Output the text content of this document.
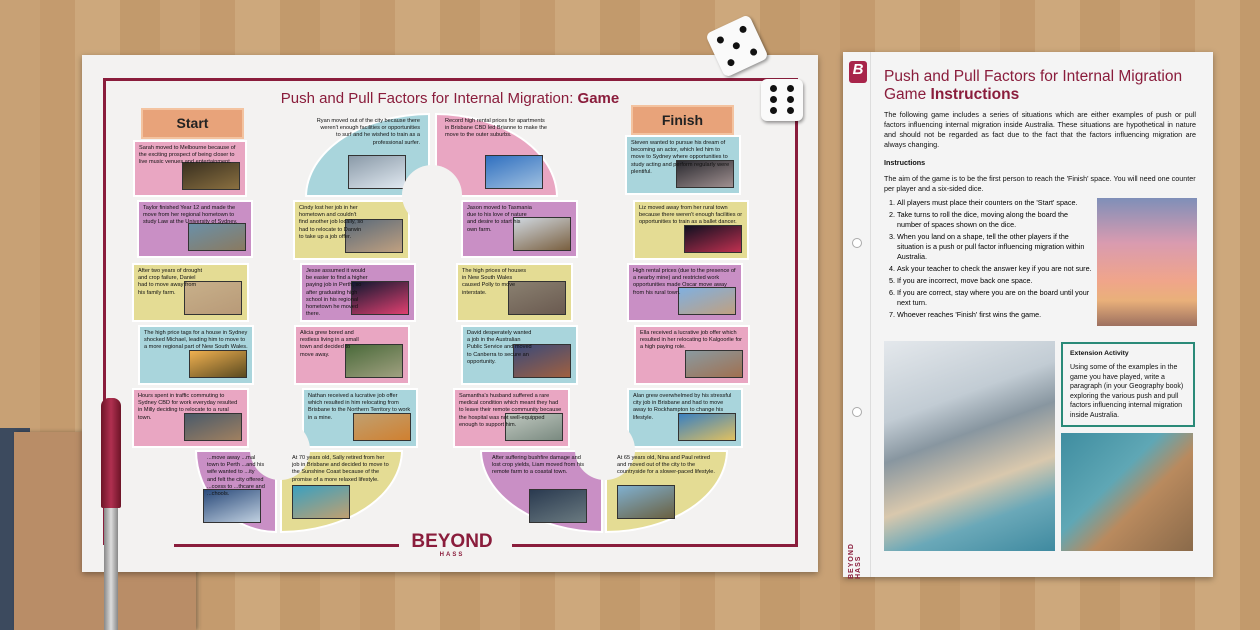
Push and Pull Factors for Internal Migration: Game
Start	Finish
Sarah moved to Melbourne because of the exciting prospect of being closer to live music venues and entertainment.
Taylor finished Year 12 and made the move from her regional hometown to study Law at the University of Sydney.
After two years of drought and crop failure, Daniel had to move away from his family farm.
The high price tags for a house in Sydney shocked Michael, leading him to move to a more regional part of New South Wales.
Hours spent in traffic commuting to Sydney CBD for work everyday resulted in Milly deciding to relocate to a rural town.
...move away ...mal town to Perth ...and his wife wanted to ...ity and felt the city offered ...ccess to ...thcare and ...chools.
At 70 years old, Sally retired from her job in Brisbane and decided to move to the Sunshine Coast because of the promise of a more relaxed lifestyle.
Nathan received a lucrative job offer which resulted in him relocating from Brisbane to the Northern Territory to work in a mine.
Alicia grew bored and restless living in a small town and decided to move away.
Jesse assumed it would be easier to find a higher paying job in Perth, so after graduating high school in his regional hometown he moved there.
Cindy lost her job in her hometown and couldn't find another job locally, so had to relocate to Darwin to take up a job offer.
Ryan moved out of the city because there weren't enough facilities or opportunities to surf and he wished to train as a professional surfer.
Record high rental prices for apartments in Brisbane CBD led Brianne to make the move to the outer suburbs.
Jason moved to Tasmania due to his love of nature and desire to start his own farm.
The high prices of houses in New South Wales caused Polly to move interstate.
David desperately wanted a job in the Australian Public Service and moved to Canberra to secure an opportunity.
Samantha's husband suffered a rare medical condition which meant they had to leave their remote community because the hospital was not well-equipped enough to support him.
After suffering bushfire damage and lost crop yields, Liam moved from his remote farm to a coastal town.
At 65 years old, Nina and Paul retired and moved out of the city to the countryside for a slower-paced lifestyle.
Alan grew overwhelmed by his stressful city job in Brisbane and had to move away to Rockhampton to change his lifestyle.
Ella received a lucrative job offer which resulted in her relocating to Kalgoorlie for a high paying role.
High rental prices (due to the presence of a nearby mine) and restricted work opportunities made Oscar move away from his rural town.
Liz moved away from her rural town because there weren't enough facilities or opportunities to train as a ballet dancer.
Steven wanted to pursue his dream of becoming an actor, which led him to move to Sydney where opportunities to study acting and perform regularly were plentiful.
BEYOND
HASS
B
BEYOND HASS
Push and Pull Factors for Internal Migration
Game Instructions
The following game includes a series of situations which are either examples of push or pull factors influencing internal migration inside Australia. These situations are hypothetical in nature and should not be regarded as fact due to the fact that the factors influencing migration are always changing.
Instructions
The aim of the game is to be the first person to reach the 'Finish' space. You will need one counter per player and a six-sided dice.
1. All players must place their counters on the 'Start' space.
2. Take turns to roll the dice, moving along the board the number of spaces shown on the dice.
3. When you land on a shape, tell the other players if the situation is a push or pull factor influencing migration within Australia.
4. Ask your teacher to check the answer key if you are not sure.
5. If you are incorrect, move back one space.
6. If you are correct, stay where you are on the board until your next turn.
7. Whoever reaches 'Finish' first wins the game.
Extension Activity
Using some of the examples in the game you have played, write a paragraph (in your Geography book) exploring the various push and pull factors influencing internal migration inside Australia.
